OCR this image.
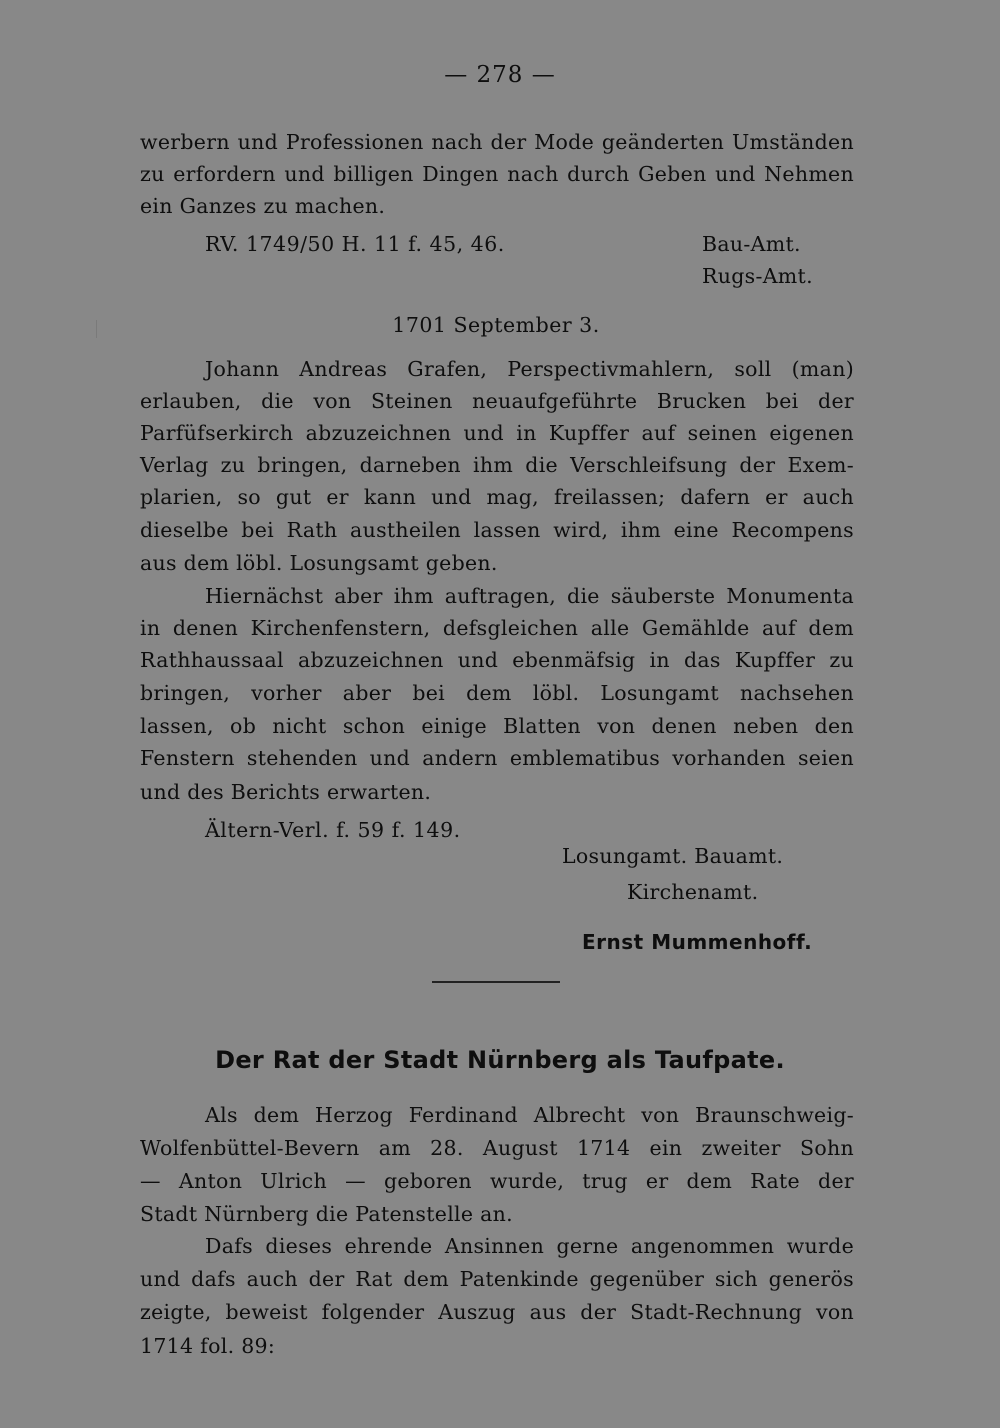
— 278 —
werbern und Professionen nach der Mode geänderten Umständen
zu erfordern und billigen Dingen nach durch Geben und Nehmen
ein Ganzes zu machen.
RV. 1749/50 H. 11 f. 45, 46.	Bau-Amt.
Rugs-Amt.
1701 September 3.
Johann Andreas Grafen, Perspectivmahlern, soll (man)
erlauben, die von Steinen neuaufgeführte Brucken bei der
Parfüfserkirch abzuzeichnen und in Kupffer auf seinen eigenen
Verlag zu bringen, darneben ihm die Verschleifsung der Exem-
plarien, so gut er kann und mag, freilassen; dafern er auch
dieselbe bei Rath austheilen lassen wird, ihm eine Recompens
aus dem löbl. Losungsamt geben.
Hiernächst aber ihm auftragen, die säuberste Monumenta
in denen Kirchenfenstern, defsgleichen alle Gemählde auf dem
Rathhaussaal abzuzeichnen und ebenmäfsig in das Kupffer zu
bringen, vorher aber bei dem löbl. Losungamt nachsehen
lassen, ob nicht schon einige Blatten von denen neben den
Fenstern stehenden und andern emblematibus vorhanden seien
und des Berichts erwarten.
Ältern-Verl. f. 59 f. 149.
Losungamt. Bauamt.
Kirchenamt.
Ernst Mummenhoff.
Der Rat der Stadt Nürnberg als Taufpate.
Als dem Herzog Ferdinand Albrecht von Braunschweig-
Wolfenbüttel-Bevern am 28. August 1714 ein zweiter Sohn
— Anton Ulrich — geboren wurde, trug er dem Rate der
Stadt Nürnberg die Patenstelle an.
Dafs dieses ehrende Ansinnen gerne angenommen wurde
und dafs auch der Rat dem Patenkinde gegenüber sich generös
zeigte, beweist folgender Auszug aus der Stadt-Rechnung von
1714 fol. 89:
